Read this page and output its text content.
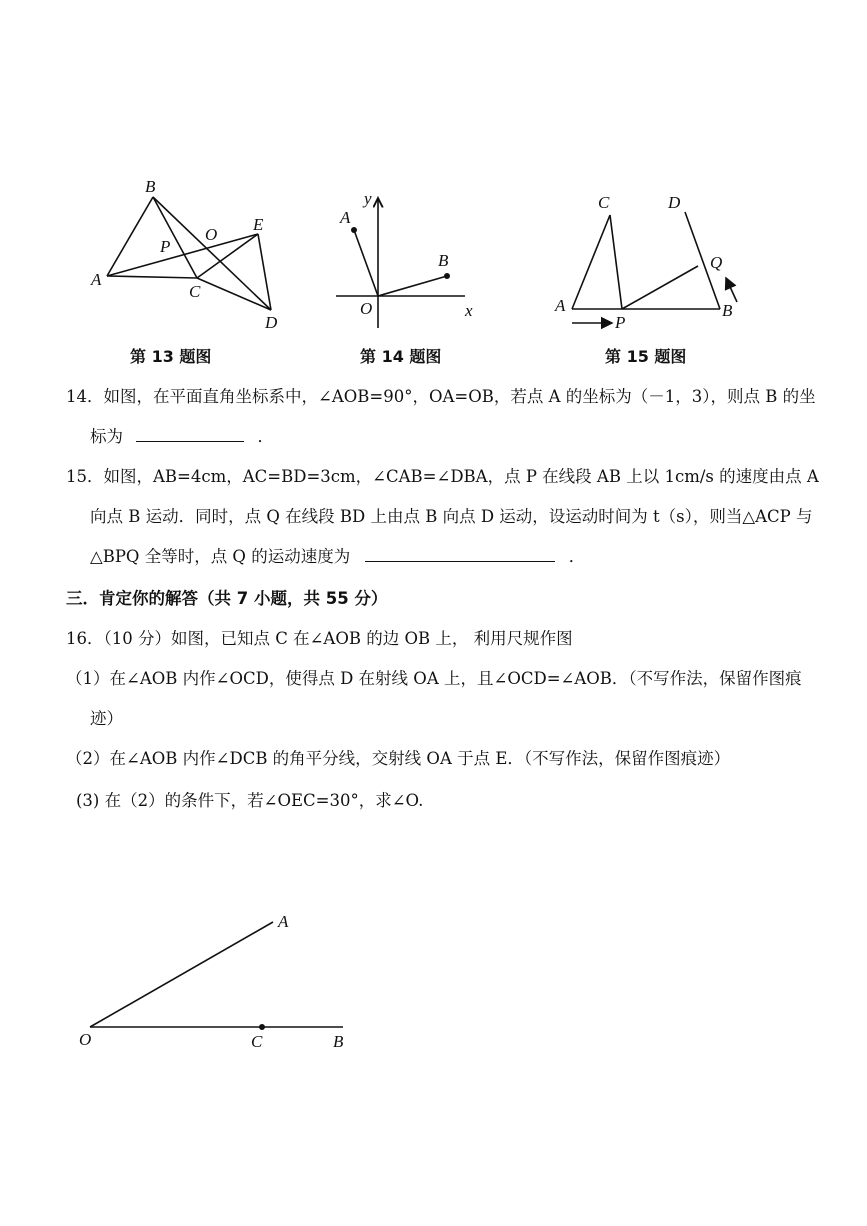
B
A
P
O
E
C
D
第 13 题图
y
A
B
O	x
第 14 题图
C	D
Q
A
P
B
第 15 题图
14．如图，在平面直角坐标系中，∠AOB=90°，OA=OB，若点 A 的坐标为（－1，3），则点 B 的坐
标为	．
15．如图，AB=4cm，AC=BD=3cm，∠CAB=∠DBA，点 P 在线段 AB 上以 1cm/s 的速度由点 A
向点 B 运动．同时，点 Q 在线段 BD 上由点 B 向点 D 运动，设运动时间为 t（s），则当△ACP 与
△BPQ 全等时，点 Q 的运动速度为	．
三．肯定你的解答（共 7 小题，共 55 分）
16．（10 分）如图，已知点 C 在∠AOB 的边 OB 上， 利用尺规作图
（1）在∠AOB 内作∠OCD，使得点 D 在射线 OA 上，且∠OCD=∠AOB．（不写作法，保留作图痕
迹）
（2）在∠AOB 内作∠DCB 的角平分线，交射线 OA 于点 E．（不写作法，保留作图痕迹）
(3) 在（2）的条件下，若∠OEC=30°，求∠O.
A
O	C	B
